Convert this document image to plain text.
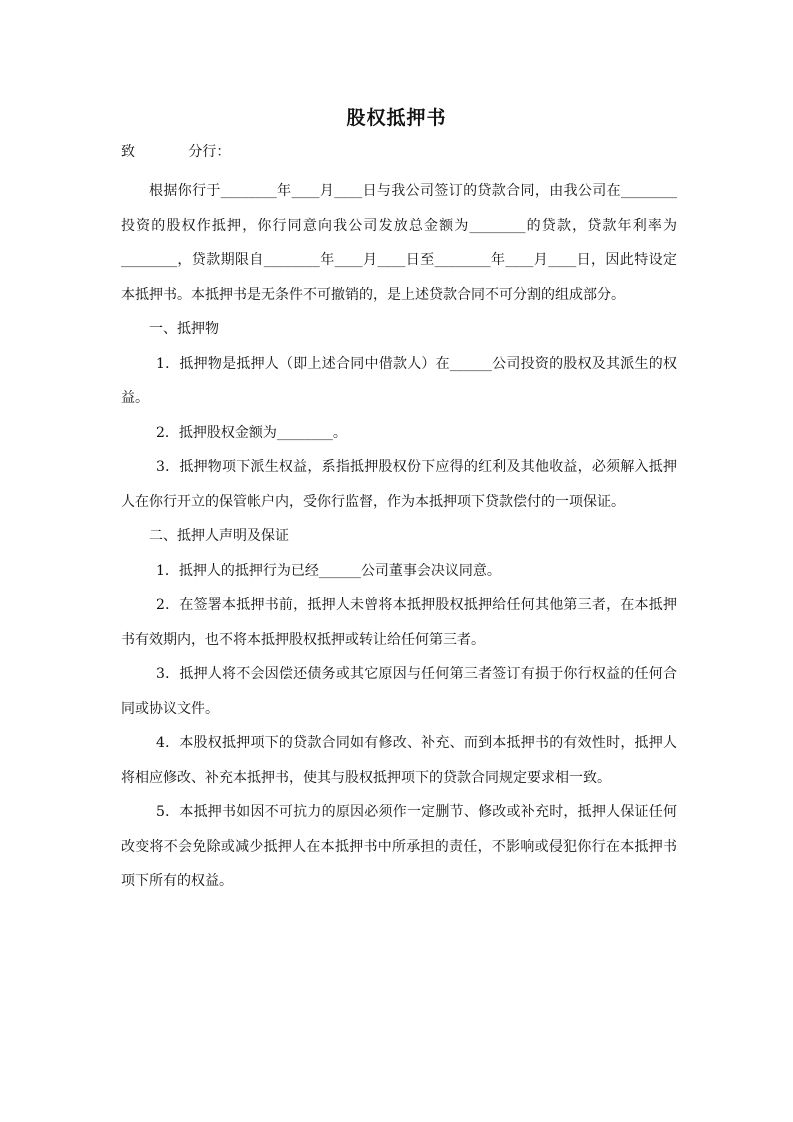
股权抵押书
致            分行：

根据你行于________年____月____日与我公司签订的贷款合同，由我公司在________投资的股权作抵押，你行同意向我公司发放总金额为________的贷款，贷款年利率为________，贷款期限自________年____月____日至________年____月____日，因此特设定本抵押书。本抵押书是无条件不可撤销的，是上述贷款合同不可分割的组成部分。

一、抵押物

1．抵押物是抵押人（即上述合同中借款人）在______公司投资的股权及其派生的权益。

2．抵押股权金额为________。

3．抵押物项下派生权益，系指抵押股权份下应得的红利及其他收益，必须解入抵押人在你行开立的保管帐户内，受你行监督，作为本抵押项下贷款偿付的一项保证。

二、抵押人声明及保证

1．抵押人的抵押行为已经______公司董事会决议同意。

2．在签署本抵押书前，抵押人未曾将本抵押股权抵押给任何其他第三者，在本抵押书有效期内，也不将本抵押股权抵押或转让给任何第三者。

3．抵押人将不会因偿还债务或其它原因与任何第三者签订有损于你行权益的任何合同或协议文件。

4．本股权抵押项下的贷款合同如有修改、补充、而到本抵押书的有效性时，抵押人将相应修改、补充本抵押书，使其与股权抵押项下的贷款合同规定要求相一致。

5．本抵押书如因不可抗力的原因必须作一定删节、修改或补充时，抵押人保证任何改变将不会免除或减少抵押人在本抵押书中所承担的责任，不影响或侵犯你行在本抵押书项下所有的权益。
